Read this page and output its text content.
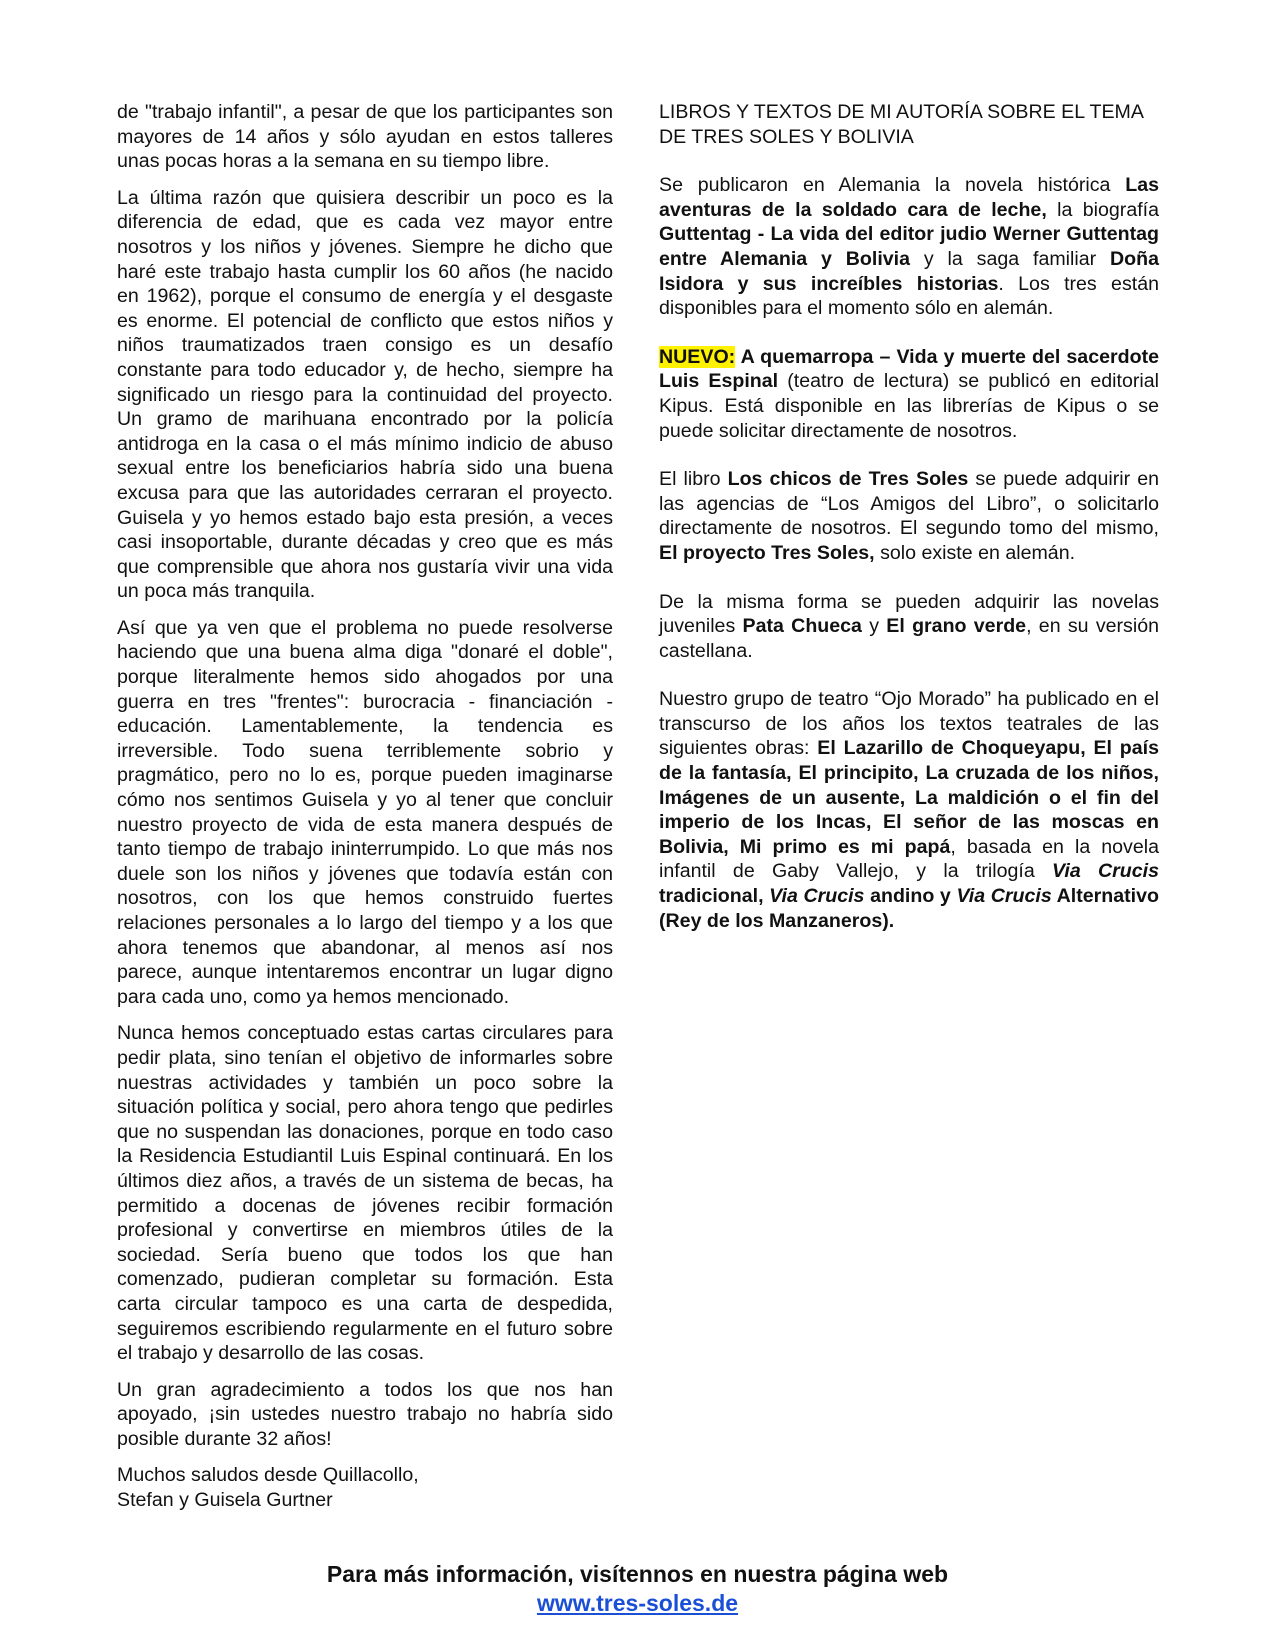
de "trabajo infantil", a pesar de que los participantes son mayores de 14 años y sólo ayudan en estos talleres unas pocas horas a la semana en su tiempo libre.

La última razón que quisiera describir un poco es la diferencia de edad, que es cada vez mayor entre nosotros y los niños y jóvenes. Siempre he dicho que haré este trabajo hasta cumplir los 60 años (he nacido en 1962), porque el consumo de energía y el desgaste es enorme. El potencial de conflicto que estos niños y niños traumatizados traen consigo es un desafío constante para todo educador y, de hecho, siempre ha significado un riesgo para la continuidad del proyecto. Un gramo de marihuana encontrado por la policía antidroga en la casa o el más mínimo indicio de abuso sexual entre los beneficiarios habría sido una buena excusa para que las autoridades cerraran el proyecto. Guisela y yo hemos estado bajo esta presión, a veces casi insoportable, durante décadas y creo que es más que comprensible que ahora nos gustaría vivir una vida un poca más tranquila.

Así que ya ven que el problema no puede resolverse haciendo que una buena alma diga "donaré el doble", porque literalmente hemos sido ahogados por una guerra en tres "frentes": burocracia - financiación - educación. Lamentablemente, la tendencia es irreversible. Todo suena terriblemente sobrio y pragmático, pero no lo es, porque pueden imaginarse cómo nos sentimos Guisela y yo al tener que concluir nuestro proyecto de vida de esta manera después de tanto tiempo de trabajo ininterrumpido. Lo que más nos duele son los niños y jóvenes que todavía están con nosotros, con los que hemos construido fuertes relaciones personales a lo largo del tiempo y a los que ahora tenemos que abandonar, al menos así nos parece, aunque intentaremos encontrar un lugar digno para cada uno, como ya hemos mencionado.

Nunca hemos conceptuado estas cartas circulares para pedir plata, sino tenían el objetivo de informarles sobre nuestras actividades y también un poco sobre la situación política y social, pero ahora tengo que pedirles que no suspendan las donaciones, porque en todo caso la Residencia Estudiantil Luis Espinal continuará. En los últimos diez años, a través de un sistema de becas, ha permitido a docenas de jóvenes recibir formación profesional y convertirse en miembros útiles de la sociedad. Sería bueno que todos los que han comenzado, pudieran completar su formación. Esta carta circular tampoco es una carta de despedida, seguiremos escribiendo regularmente en el futuro sobre el trabajo y desarrollo de las cosas.

Un gran agradecimiento a todos los que nos han apoyado, ¡sin ustedes nuestro trabajo no habría sido posible durante 32 años!

Muchos saludos desde Quillacollo,
Stefan y Guisela Gurtner

LIBROS Y TEXTOS DE MI AUTORÍA SOBRE EL TEMA DE TRES SOLES Y BOLIVIA

Se publicaron en Alemania la novela histórica Las aventuras de la soldado cara de leche, la biografía Guttentag - La vida del editor judio Werner Guttentag entre Alemania y Bolivia y la saga familiar Doña Isidora y sus increíbles historias. Los tres están disponibles para el momento sólo en alemán.

NUEVO: A quemarropa – Vida y muerte del sacerdote Luis Espinal (teatro de lectura) se publicó en editorial Kipus. Está disponible en las librerías de Kipus o se puede solicitar directamente de nosotros.

El libro Los chicos de Tres Soles se puede adquirir en las agencias de “Los Amigos del Libro”, o solicitarlo directamente de nosotros. El segundo tomo del mismo, El proyecto Tres Soles, solo existe en alemán.

De la misma forma se pueden adquirir las novelas juveniles Pata Chueca y El grano verde, en su versión castellana.

Nuestro grupo de teatro “Ojo Morado” ha publicado en el transcurso de los años los textos teatrales de las siguientes obras: El Lazarillo de Choqueyapu, El país de la fantasía, El principito, La cruzada de los niños, Imágenes de un ausente, La maldición o el fin del imperio de los Incas, El señor de las moscas en Bolivia, Mi primo es mi papá, basada en la novela infantil de Gaby Vallejo, y la trilogía Via Crucis tradicional, Via Crucis andino y Via Crucis Alternativo (Rey de los Manzaneros).

Para más información, visítennos en nuestra página web
www.tres-soles.de
